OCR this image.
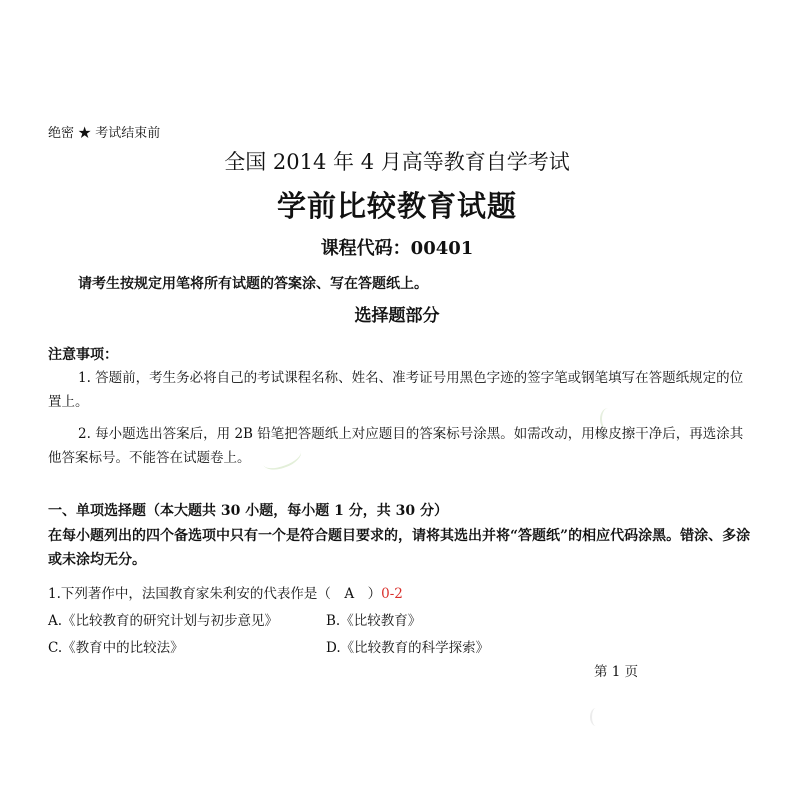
绝密 ★ 考试结束前
全国 2014 年 4 月高等教育自学考试
学前比较教育试题
课程代码：00401
请考生按规定用笔将所有试题的答案涂、写在答题纸上。
选择题部分
注意事项：
1. 答题前，考生务必将自己的考试课程名称、姓名、准考证号用黑色字迹的签字笔或钢笔填写在答题纸规定的位置上。
2. 每小题选出答案后，用 2B 铅笔把答题纸上对应题目的答案标号涂黑。如需改动，用橡皮擦干净后，再选涂其他答案标号。不能答在试题卷上。
一、单项选择题（本大题共 30 小题，每小题 1 分，共 30 分）
在每小题列出的四个备选项中只有一个是符合题目要求的，请将其选出并将“答题纸”的相应代码涂黑。错涂、多涂或未涂均无分。
1.下列著作中，法国教育家朱利安的代表作是（　A　）0-2
A.《比较教育的研究计划与初步意见》	B.《比较教育》
C.《教育中的比较法》	D.《比较教育的科学探索》
第 1 页
